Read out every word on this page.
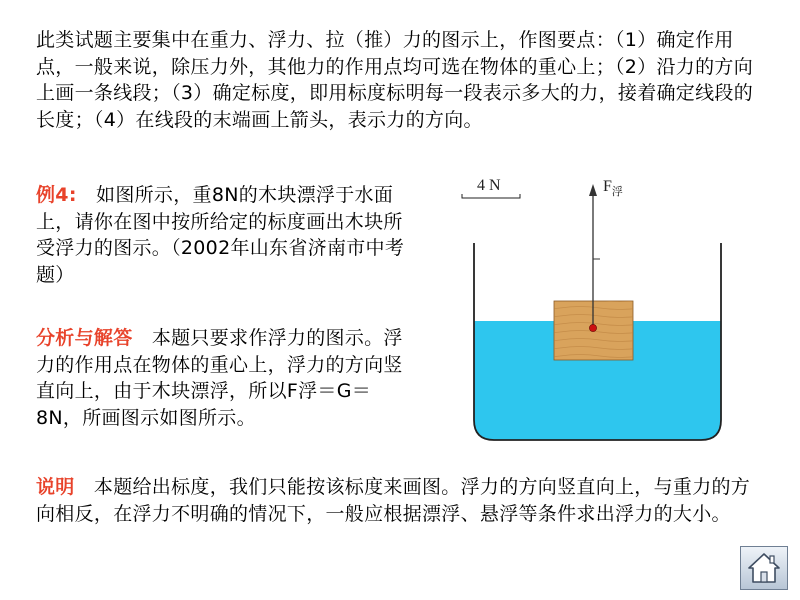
此类试题主要集中在重力、浮力、拉（推）力的图示上，作图要点：（1）确定作用点，一般来说，除压力外，其他力的作用点均可选在物体的重心上；（2）沿力的方向上画一条线段；（3）确定标度，即用标度标明每一段表示多大的力，接着确定线段的长度；（4）在线段的末端画上箭头，表示力的方向。
例4:　如图所示，重8N的木块漂浮于水面上，请你在图中按所给定的标度画出木块所受浮力的图示。（2002年山东省济南市中考题）
分析与解答　本题只要求作浮力的图示。浮力的作用点在物体的重心上，浮力的方向竖直向上，由于木块漂浮，所以F浮＝G＝8N，所画图示如图所示。
说明　本题给出标度，我们只能按该标度来画图。浮力的方向竖直向上，与重力的方向相反，在浮力不明确的情况下，一般应根据漂浮、悬浮等条件求出浮力的大小。
4 N	$F_浮$
